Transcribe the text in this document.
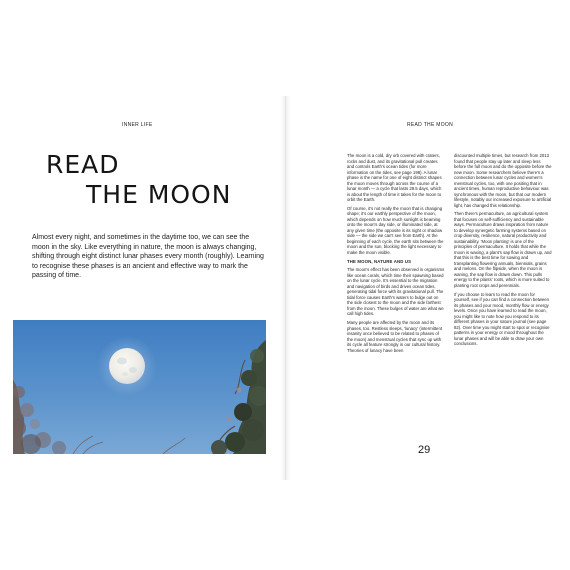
INNER LIFE	READ THE MOON
READ
THE MOON

Almost every night, and sometimes in the daytime too, we can see the moon in the sky. Like everything in nature, the moon is always changing, shifting through eight distinct lunar phases every month (roughly). Learning to recognise these phases is an ancient and effective way to mark the passing of time.

The moon is a cold, dry orb covered with craters, rocks and dust, and its gravitational pull creates and controls Earth's ocean tides (for more information on the tides, see page 198). A lunar phase is the name for one of eight distinct shapes the moon moves through across the course of a lunar month — a cycle that lasts 29.5 days, which is about the length of time it takes for the moon to orbit the Earth.

Of course, it's not really the moon that is changing shape; it's our earthly perspective of the moon, which depends on how much sunlight is beaming onto the moon's day side, or illuminated side, at any given time (the opposite is its night or shadow side — the side we can't see from Earth). At the beginning of each cycle, the earth sits between the moon and the sun, blocking the light necessary to make the moon visible.

THE MOON, NATURE AND US

The moon's effect has been observed in organisms like ocean corals, which time their spawning based on the lunar cycle. It's essential to the migration and navigation of birds and drives ocean tides, generating tidal force with its gravitational pull. The tidal force causes Earth's waters to bulge out on the side closest to the moon and the side farthest from the moon. These bulges of water are what we call high tides.

Many people are affected by the moon and its phases, too. Restless sleeps, 'lunacy' (intermittent insanity once believed to be related to phases of the moon) and menstrual cycles that sync up with its cycle all feature strongly in our cultural history. Theories of lunacy have been

discounted multiple times, but research from 2013 found that people stay up later and sleep less before the full moon and do the opposite before the new moon. Some researchers believe there's a connection between lunar cycles and women's menstrual cycles, too, with one positing that in ancient times, human reproductive behaviour was synchronous with the moon, but that our modern lifestyle, notably our increased exposure to artificial light, has changed this relationship.

Then there's permaculture, an agricultural system that focuses on self-sufficiency and sustainable ways. Permaculture draws inspiration from nature to develop synergetic farming systems based on crop diversity, resilience, natural productivity and sustainability. 'Moon planting' is one of the principles of permaculture. It holds that while the moon is waxing, a plant's sap flow is drawn up, and that this is the best time for sowing and transplanting flowering annuals, biennials, grains and melons. On the flipside, when the moon is waning, the sap flow is drawn down. This pulls energy to the plants' roots, which is more suited to planting root crops and perennials.

If you choose to learn to read the moon for yourself, see if you can find a connection between its phases and your mood, monthly flow or energy levels. Once you have learned to read the moon, you might like to note how you respond to its different phases in your nature journal (see page 82). Over time you might start to spot or recognise patterns in your energy or mood throughout the lunar phases and will be able to draw your own conclusions.

29
